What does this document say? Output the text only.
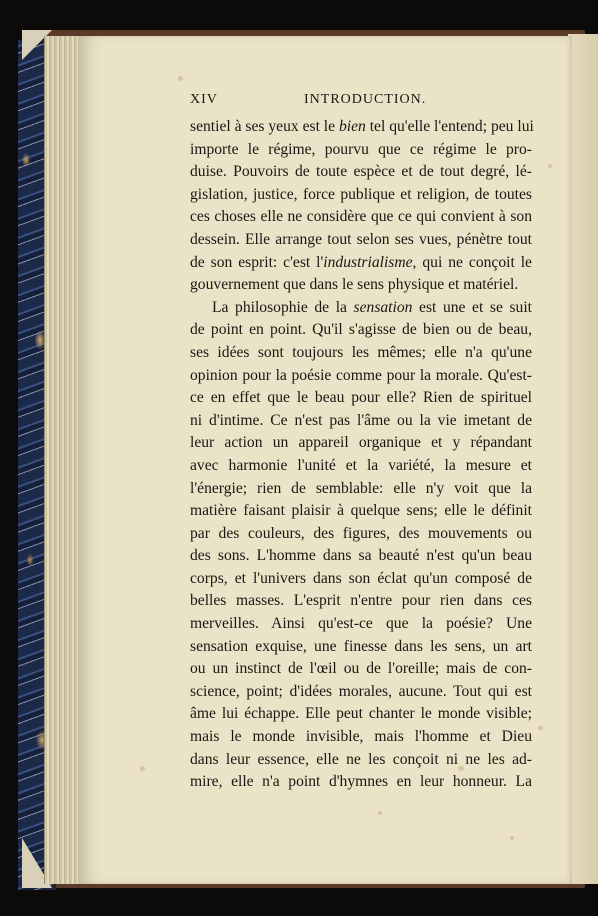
XIV	INTRODUCTION.
sentiel à ses yeux est le bien tel qu'elle l'entend; peu lui
importe le régime, pourvu que ce régime le pro-
duise. Pouvoirs de toute espèce et de tout degré, lé-
gislation, justice, force publique et religion, de toutes
ces choses elle ne considère que ce qui convient à son
dessein. Elle arrange tout selon ses vues, pénètre tout
de son esprit: c'est l'industrialisme, qui ne conçoit le
gouvernement que dans le sens physique et matériel.
La philosophie de la sensation est une et se suit
de point en point. Qu'il s'agisse de bien ou de beau,
ses idées sont toujours les mêmes; elle n'a qu'une
opinion pour la poésie comme pour la morale. Qu'est-
ce en effet que le beau pour elle? Rien de spirituel
ni d'intime. Ce n'est pas l'âme ou la vie imetant de
leur action un appareil organique et y répandant
avec harmonie l'unité et la variété, la mesure et
l'énergie; rien de semblable: elle n'y voit que la
matière faisant plaisir à quelque sens; elle le définit
par des couleurs, des figures, des mouvements ou
des sons. L'homme dans sa beauté n'est qu'un beau
corps, et l'univers dans son éclat qu'un composé de
belles masses. L'esprit n'entre pour rien dans ces
merveilles. Ainsi qu'est-ce que la poésie? Une
sensation exquise, une finesse dans les sens, un art
ou un instinct de l'œil ou de l'oreille; mais de con-
science, point; d'idées morales, aucune. Tout qui est
âme lui échappe. Elle peut chanter le monde visible;
mais le monde invisible, mais l'homme et Dieu
dans leur essence, elle ne les conçoit ni ne les ad-
mire, elle n'a point d'hymnes en leur honneur. La
